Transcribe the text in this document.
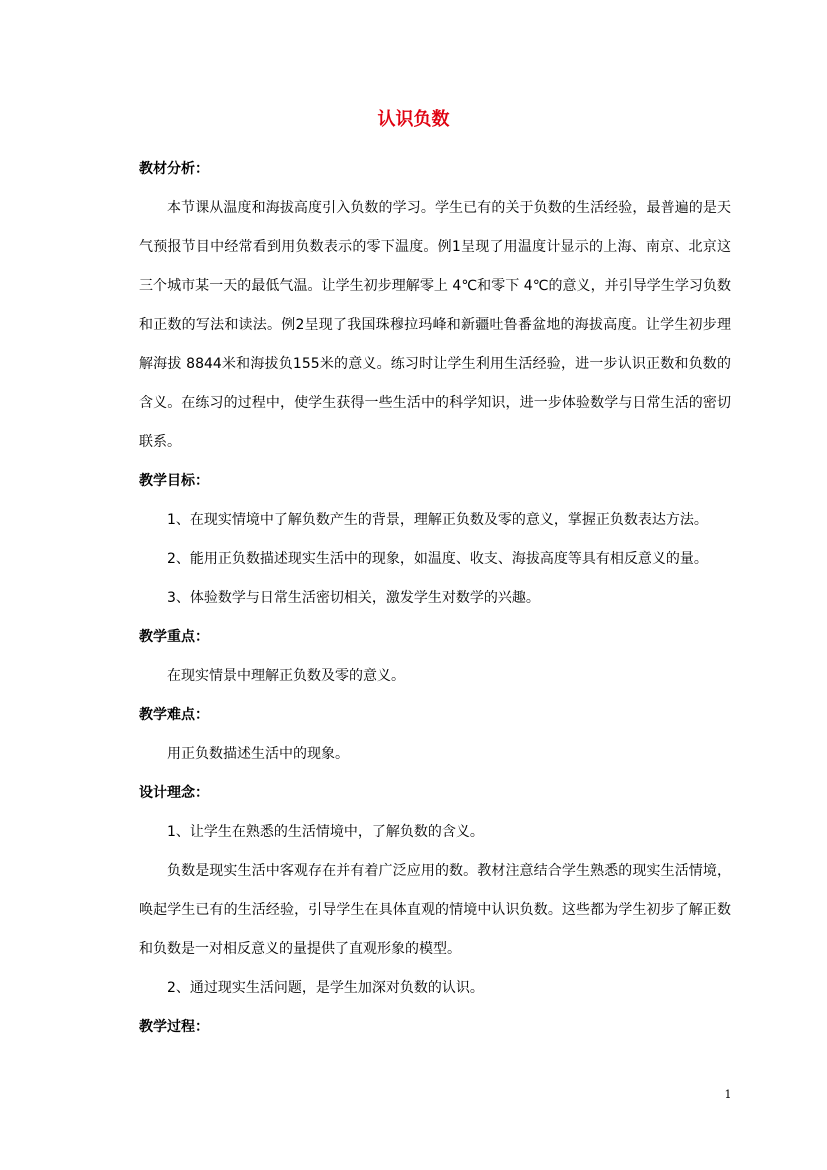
认识负数
教材分析：

本节课从温度和海拔高度引入负数的学习。学生已有的关于负数的生活经验，最普遍的是天气预报节目中经常看到用负数表示的零下温度。例1呈现了用温度计显示的上海、南京、北京这三个城市某一天的最低气温。让学生初步理解零上 4℃和零下 4℃的意义，并引导学生学习负数和正数的写法和读法。例2呈现了我国珠穆拉玛峰和新疆吐鲁番盆地的海拔高度。让学生初步理解海拔 8844米和海拔负155米的意义。练习时让学生利用生活经验，进一步认识正数和负数的含义。在练习的过程中，使学生获得一些生活中的科学知识，进一步体验数学与日常生活的密切联系。

教学目标：
1、在现实情境中了解负数产生的背景，理解正负数及零的意义，掌握正负数表达方法。
2、能用正负数描述现实生活中的现象，如温度、收支、海拔高度等具有相反意义的量。
3、体验数学与日常生活密切相关，激发学生对数学的兴趣。
教学重点：
在现实情景中理解正负数及零的意义。
教学难点：
用正负数描述生活中的现象。
设计理念：
1、让学生在熟悉的生活情境中，了解负数的含义。

负数是现实生活中客观存在并有着广泛应用的数。教材注意结合学生熟悉的现实生活情境，唤起学生已有的生活经验，引导学生在具体直观的情境中认识负数。这些都为学生初步了解正数和负数是一对相反意义的量提供了直观形象的模型。

2、通过现实生活问题，是学生加深对负数的认识。
教学过程：
1
